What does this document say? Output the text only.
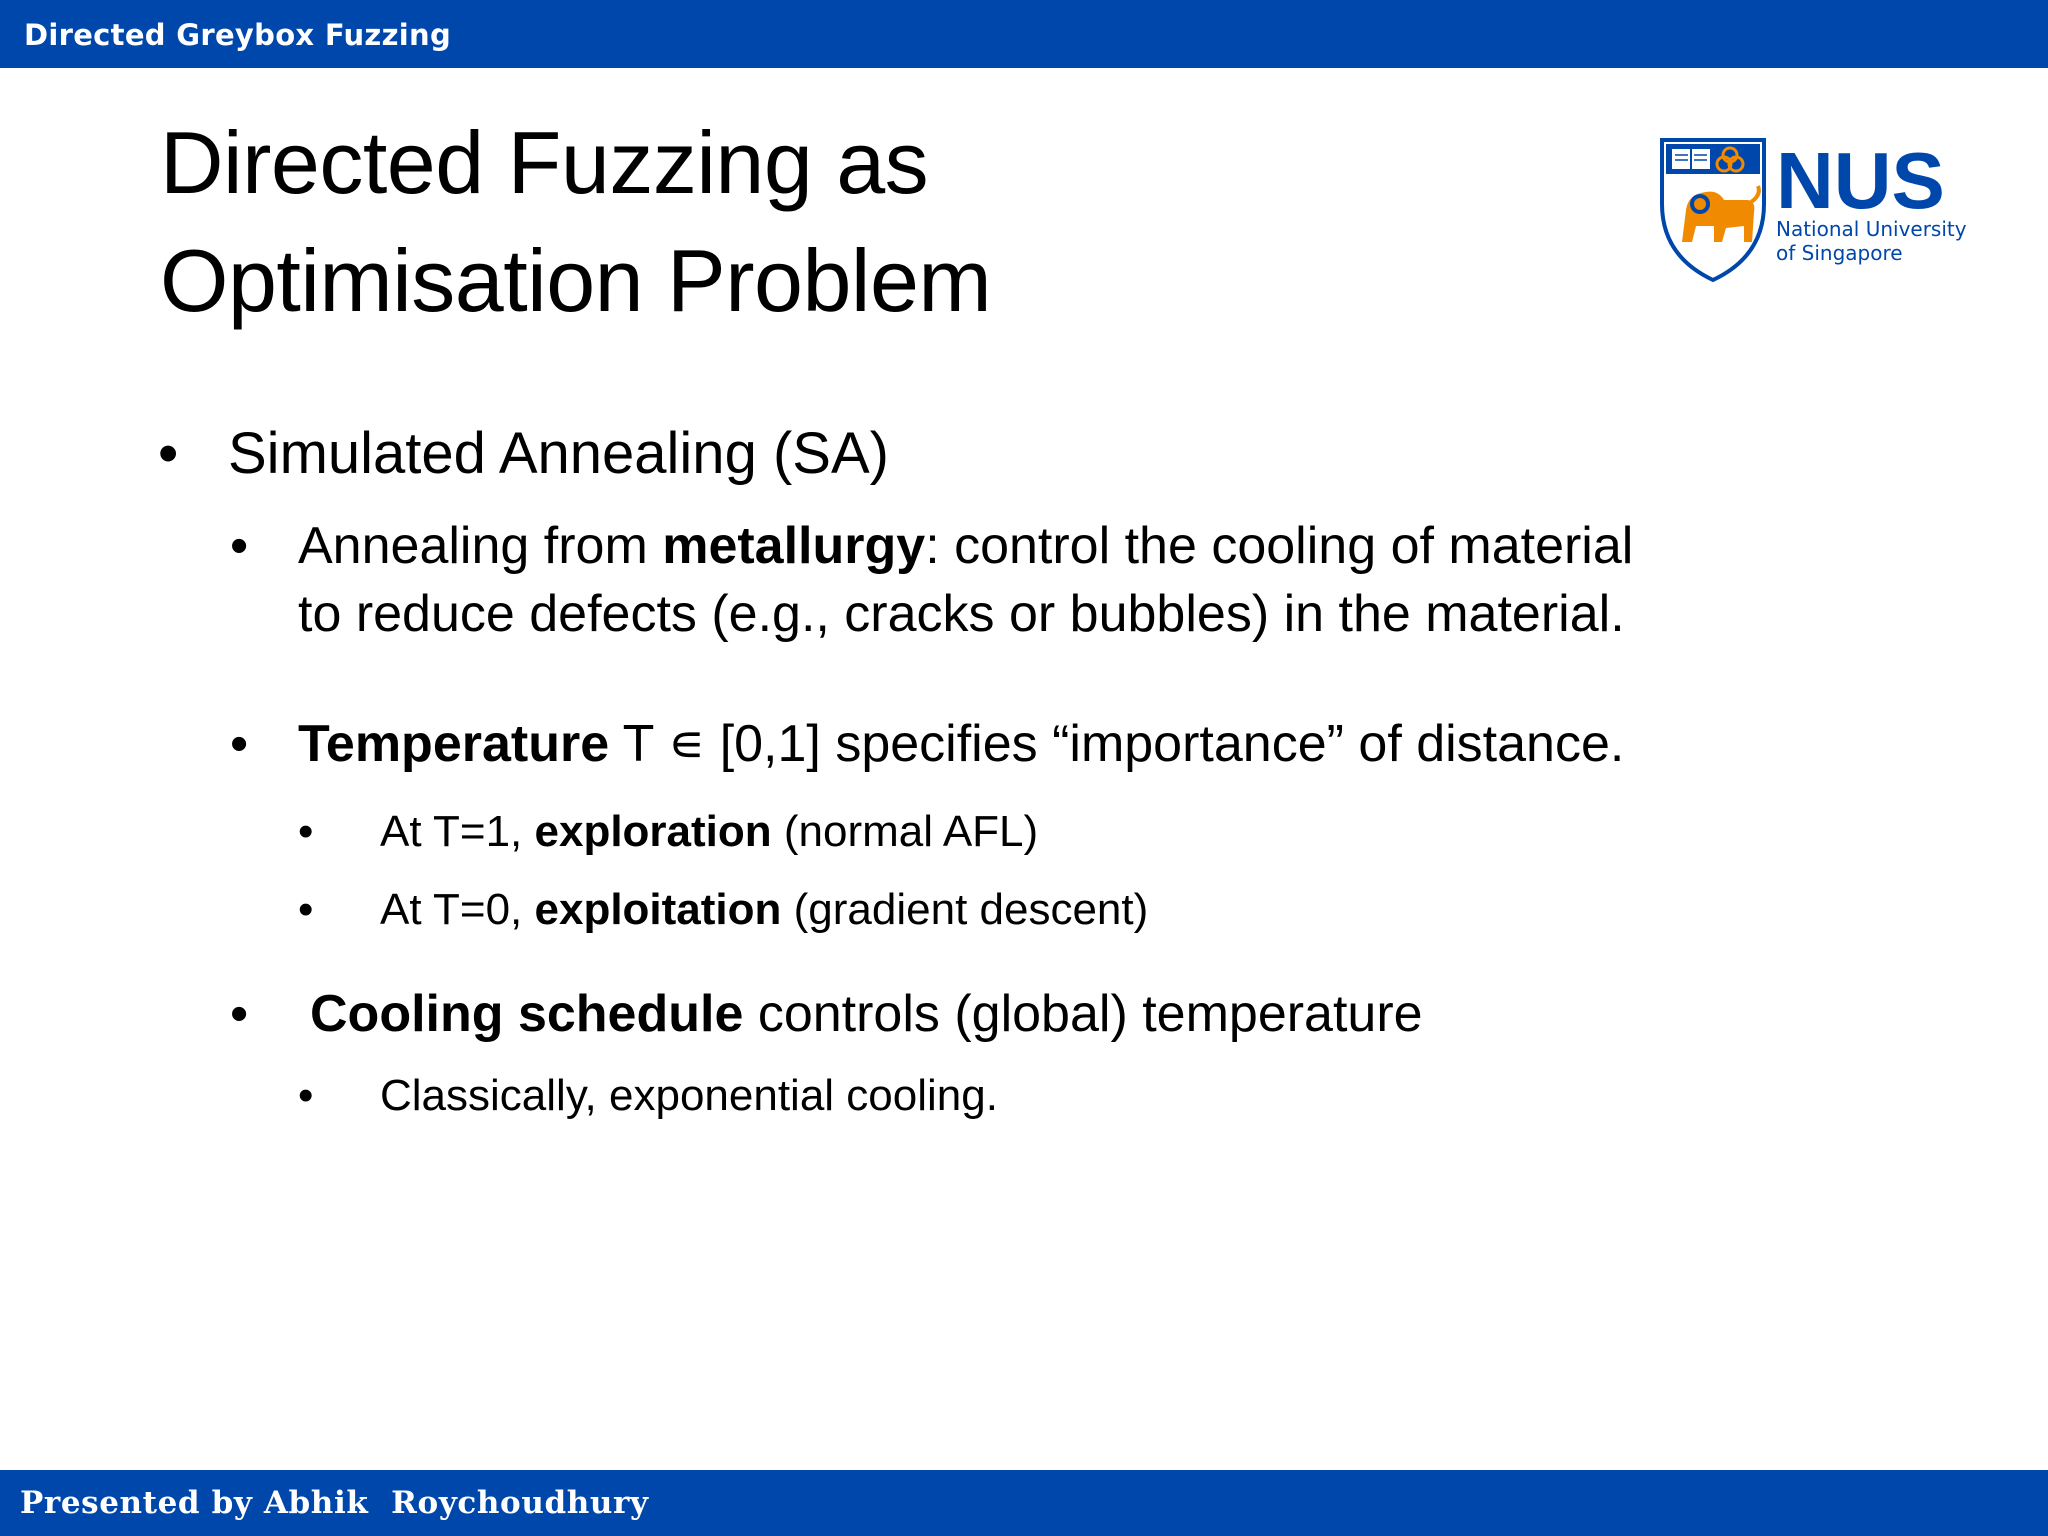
Directed Greybox Fuzzing
Directed Fuzzing as
Optimisation Problem
NUS
National University
of Singapore
• Simulated Annealing (SA)
• Annealing from metallurgy: control the cooling of material
to reduce defects (e.g., cracks or bubbles) in the material.
• Temperature T ∊ [0,1] specifies “importance” of distance.
• At T=1, exploration (normal AFL)
• At T=0, exploitation (gradient descent)
• Cooling schedule controls (global) temperature
• Classically, exponential cooling.
Presented by Abhik  Roychoudhury
